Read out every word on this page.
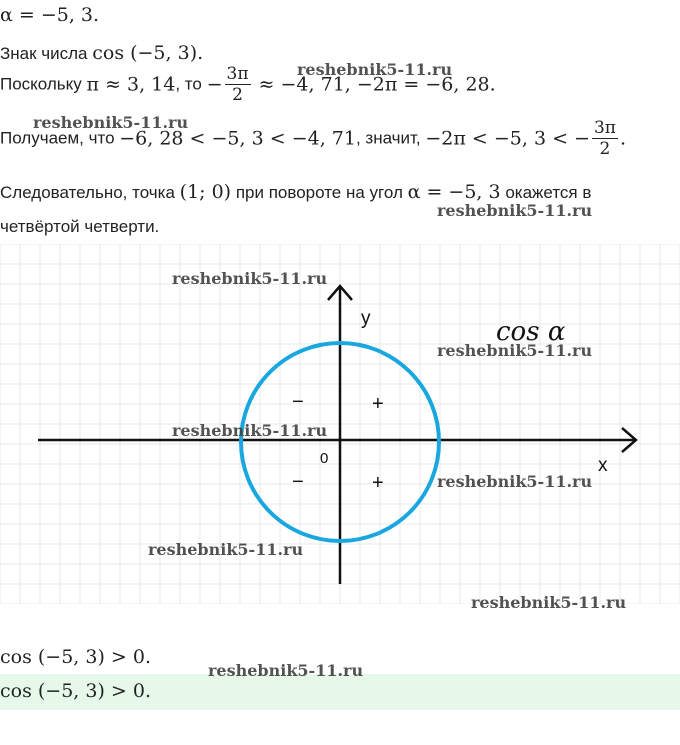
α = −5, 3.
Знак числа cos (−5, 3).
Поскольку π ≈ 3, 14, то − $\frac{3\pi}{2} \approx -4$, 71, −2π = −6, 28.
Получаем, что −6, 28 < −5, 3 < −4, 71, значит, −2π < −5, 3 < − $\frac{3\pi}{2}$ .
Следовательно, точка (1; 0) при повороте на угол α = −5, 3 окажется в
четвёртой четверти.
y
x
0
cos α
−	+
−	+
cos (−5, 3) > 0.
cos (−5, 3) > 0.
reshebnik5-11.ru
reshebnik5-11.ru
reshebnik5-11.ru
reshebnik5-11.ru
reshebnik5-11.ru
reshebnik5-11.ru
reshebnik5-11.ru
reshebnik5-11.ru
reshebnik5-11.ru
reshebnik5-11.ru
